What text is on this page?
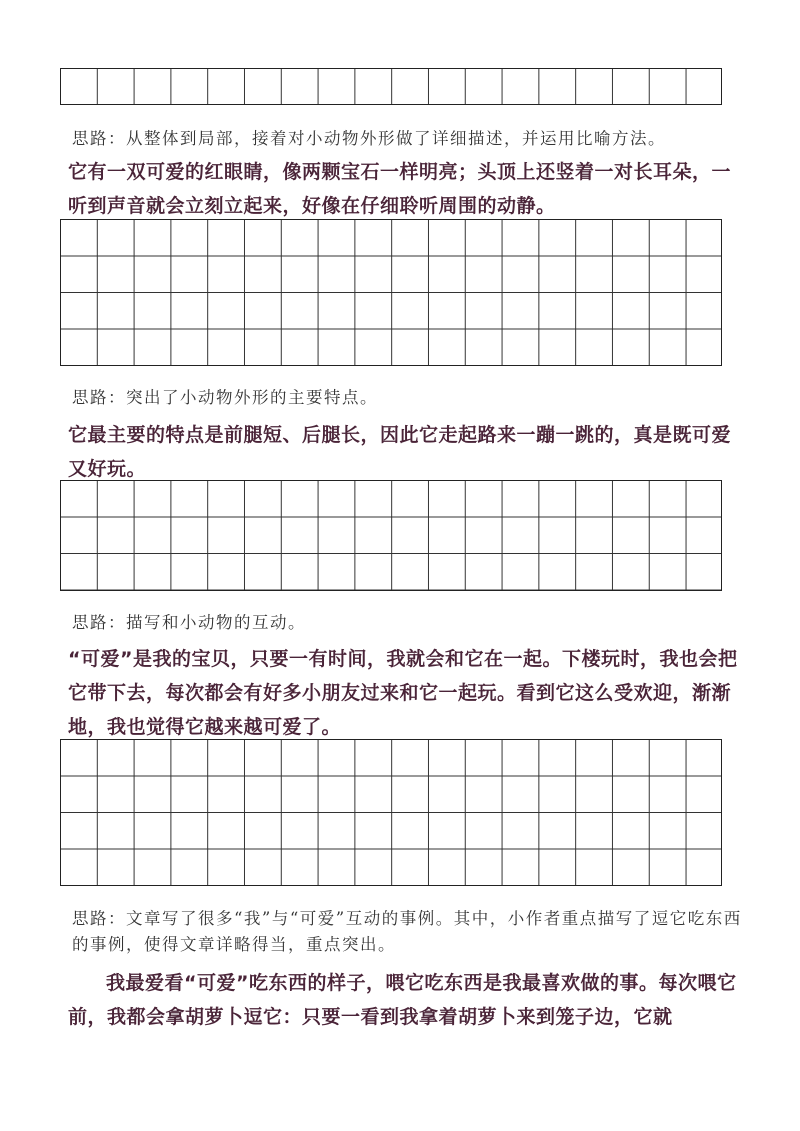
思路：从整体到局部，接着对小动物外形做了详细描述，并运用比喻方法。
它有一双可爱的红眼睛，像两颗宝石一样明亮；头顶上还竖着一对长耳朵，一听到声音就会立刻立起来，好像在仔细聆听周围的动静。
思路：突出了小动物外形的主要特点。
它最主要的特点是前腿短、后腿长，因此它走起路来一蹦一跳的，真是既可爱又好玩。
思路：描写和小动物的互动。
“可爱”是我的宝贝，只要一有时间，我就会和它在一起。下楼玩时，我也会把它带下去，每次都会有好多小朋友过来和它一起玩。看到它这么受欢迎，渐渐地，我也觉得它越来越可爱了。
思路：文章写了很多“我”与“可爱”互动的事例。其中，小作者重点描写了逗它吃东西的事例，使得文章详略得当，重点突出。
我最爱看“可爱”吃东西的样子，喂它吃东西是我最喜欢做的事。每次喂它前，我都会拿胡萝卜逗它：只要一看到我拿着胡萝卜来到笼子边，它就
